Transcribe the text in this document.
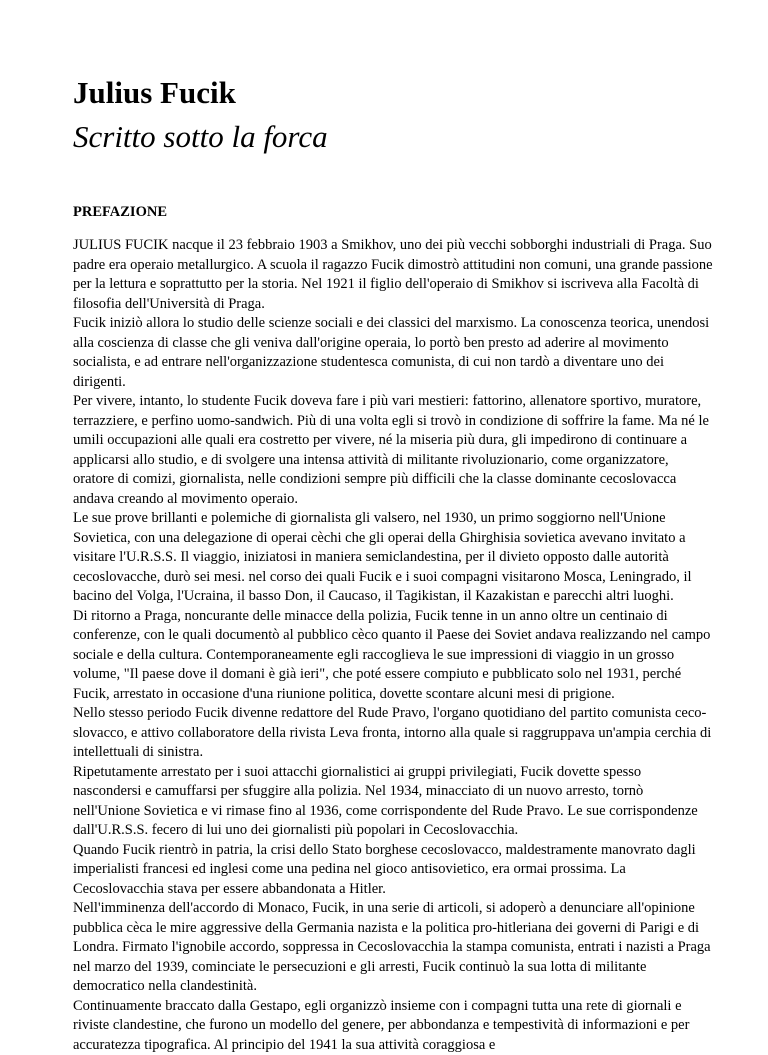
Julius Fucik
Scritto sotto la forca
PREFAZIONE

JULIUS FUCIK nacque il 23 febbraio 1903 a Smikhov, uno dei più vecchi sobborghi industriali di Praga. Suo padre era operaio metallurgico. A scuola il ragazzo Fucik dimostrò attitudini non comuni, una grande passione per la lettura e soprattutto per la storia. Nel 1921 il figlio dell'operaio di Smikhov si iscriveva alla Facoltà di filosofia dell'Università di Praga.

Fucik iniziò allora lo studio delle scienze sociali e dei classici del marxismo. La conoscenza teorica, unendosi alla coscienza di classe che gli veniva dall'origine operaia, lo portò ben presto ad aderire al movimento socialista, e ad entrare nell'organizzazione studentesca comunista, di cui non tardò a diventare uno dei dirigenti.

Per vivere, intanto, lo studente Fucik doveva fare i più vari mestieri: fattorino, allenatore sportivo, muratore, terrazziere, e perfino uomo-sandwich. Più di una volta egli si trovò in condizione di soffrire la fame. Ma né le umili occupazioni alle quali era costretto per vivere, né la miseria più dura, gli impedirono di continuare a applicarsi allo studio, e di svolgere una intensa attività di militante rivoluzionario, come organizzatore, oratore di comizi, giornalista, nelle condizioni sempre più difficili che la classe dominante cecoslovacca andava creando al movimento operaio.

Le sue prove brillanti e polemiche di giornalista gli valsero, nel 1930, un primo soggiorno nell'Unione Sovietica, con una delegazione di operai cèchi che gli operai della Ghirghisia sovietica avevano invitato a visitare l'U.R.S.S. Il viaggio, iniziatosi in maniera semiclandestina, per il divieto opposto dalle autorità cecoslovacche, durò sei mesi. nel corso dei quali Fucik e i suoi compagni visitarono Mosca, Leningrado, il bacino del Volga, l'Ucraina, il basso Don, il Caucaso, il Tagikistan, il Kazakistan e parecchi altri luoghi.

Di ritorno a Praga, noncurante delle minacce della polizia, Fucik tenne in un anno oltre un centinaio di conferenze, con le quali documentò al pubblico cèco quanto il Paese dei Soviet andava realizzando nel campo sociale e della cultura. Contemporaneamente egli raccoglieva le sue impressioni di viaggio in un grosso volume, "Il paese dove il domani è già ieri", che poté essere compiuto e pubblicato solo nel 1931, perché Fucik, arrestato in occasione d'una riunione politica, dovette scontare alcuni mesi di prigione.

Nello stesso periodo Fucik divenne redattore del Rude Pravo, l'organo quotidiano del partito comunista ceco-slovacco, e attivo collaboratore della rivista Leva fronta, intorno alla quale si raggruppava un'ampia cerchia di intellettuali di sinistra.

Ripetutamente arrestato per i suoi attacchi giornalistici ai gruppi privilegiati, Fucik dovette spesso nascondersi e camuffarsi per sfuggire alla polizia. Nel 1934, minacciato di un nuovo arresto, tornò nell'Unione Sovietica e vi rimase fino al 1936, come corrispondente del Rude Pravo. Le sue corrispondenze dall'U.R.S.S. fecero di lui uno dei giornalisti più popolari in Cecoslovacchia.

Quando Fucik rientrò in patria, la crisi dello Stato borghese cecoslovacco, maldestramente manovrato dagli imperialisti francesi ed inglesi come una pedina nel gioco antisovietico, era ormai prossima. La Cecoslovacchia stava per essere abbandonata a Hitler.

Nell'imminenza dell'accordo di Monaco, Fucik, in una serie di articoli, si adoperò a denunciare all'opinione pubblica cèca le mire aggressive della Germania nazista e la politica pro-hitleriana dei governi di Parigi e di Londra. Firmato l'ignobile accordo, soppressa in Cecoslovacchia la stampa comunista, entrati i nazisti a Praga nel marzo del 1939, cominciate le persecuzioni e gli arresti, Fucik continuò la sua lotta di militante democratico nella clandestinità.

Continuamente braccato dalla Gestapo, egli organizzò insieme con i compagni tutta una rete di giornali e riviste clandestine, che furono un modello del genere, per abbondanza e tempestività di informazioni e per accuratezza tipografica. Al principio del 1941 la sua attività coraggiosa e
